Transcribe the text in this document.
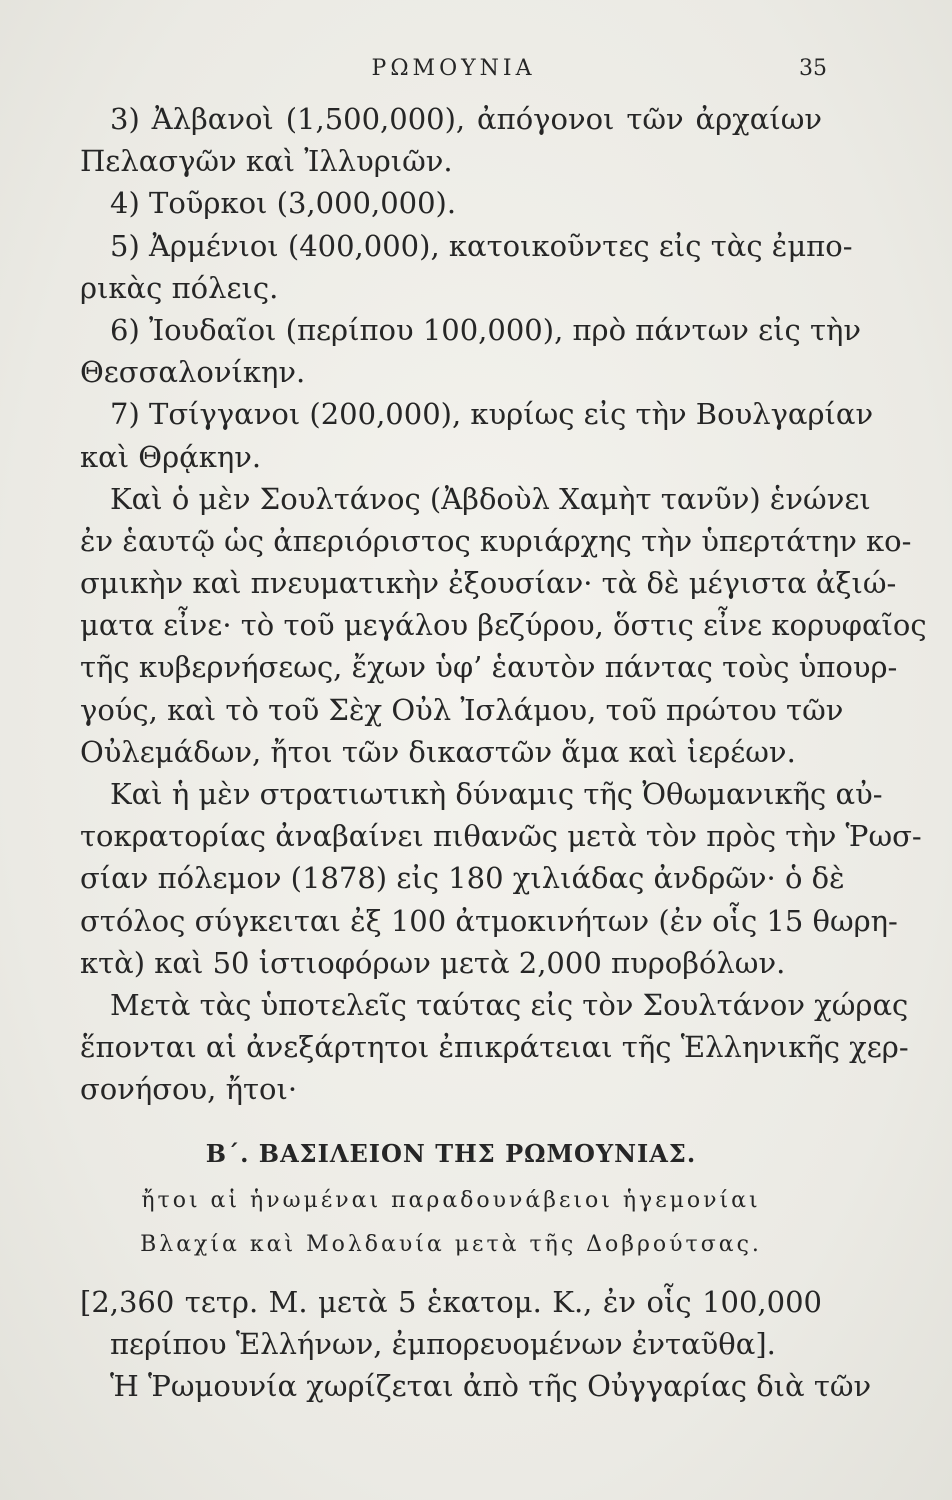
ΡΩΜΟΥΝΙΑ	35
3) Ἀλβανοὶ (1,500,000), ἀπόγονοι τῶν ἀρχαίων
Πελασγῶν καὶ Ἰλλυριῶν.
4) Τοῦρκοι (3,000,000).
5) Ἀρμένιοι (400,000), κατοικοῦντες εἰς τὰς ἐμπο-
ρικὰς πόλεις.
6) Ἰουδαῖοι (περίπου 100,000), πρὸ πάντων εἰς τὴν
Θεσσαλονίκην.
7) Τσίγγανοι (200,000), κυρίως εἰς τὴν Βουλγαρίαν
καὶ Θρᾴκην.
Καὶ ὁ μὲν Σουλτάνος (Ἀβδοὺλ Χαμὴτ τανῦν) ἑνώνει
ἐν ἑαυτῷ ὡς ἀπεριόριστος κυριάρχης τὴν ὑπερτάτην κο-
σμικὴν καὶ πνευματικὴν ἐξουσίαν· τὰ δὲ μέγιστα ἀξιώ-
ματα εἶνε· τὸ τοῦ μεγάλου βεζύρου, ὅστις εἶνε κορυφαῖος
τῆς κυβερνήσεως, ἔχων ὑφ’ ἑαυτὸν πάντας τοὺς ὑπουρ-
γούς, καὶ τὸ τοῦ Σὲχ Οὐλ Ἰσλάμου, τοῦ πρώτου τῶν
Οὐλεμάδων, ἤτοι τῶν δικαστῶν ἅμα καὶ ἱερέων.
Καὶ ἡ μὲν στρατιωτικὴ δύναμις τῆς Ὀθωμανικῆς αὐ-
τοκρατορίας ἀναβαίνει πιθανῶς μετὰ τὸν πρὸς τὴν Ῥωσ-
σίαν πόλεμον (1878) εἰς 180 χιλιάδας ἀνδρῶν· ὁ δὲ
στόλος σύγκειται ἐξ 100 ἀτμοκινήτων (ἐν οἷς 15 θωρη-
κτὰ) καὶ 50 ἱστιοφόρων μετὰ 2,000 πυροβόλων.
Μετὰ τὰς ὑποτελεῖς ταύτας εἰς τὸν Σουλτάνον χώρας
ἕπονται αἱ ἀνεξάρτητοι ἐπικράτειαι τῆς Ἑλληνικῆς χερ-
σονήσου, ἤτοι·
Β΄. ΒΑΣΙΛΕΙΟΝ ΤΗΣ ΡΩΜΟΥΝΙΑΣ.
ἤτοι αἱ ἡνωμέναι παραδουνάβειοι ἡγεμονίαι
Βλαχία καὶ Μολδαυία μετὰ τῆς Δοβρούτσας.
[2,360 τετρ. Μ. μετὰ 5 ἑκατομ. Κ., ἐν οἷς 100,000
περίπου Ἑλλήνων, ἐμπορευομένων ἐνταῦθα].
Ἡ Ῥωμουνία χωρίζεται ἀπὸ τῆς Οὐγγαρίας διὰ τῶν
